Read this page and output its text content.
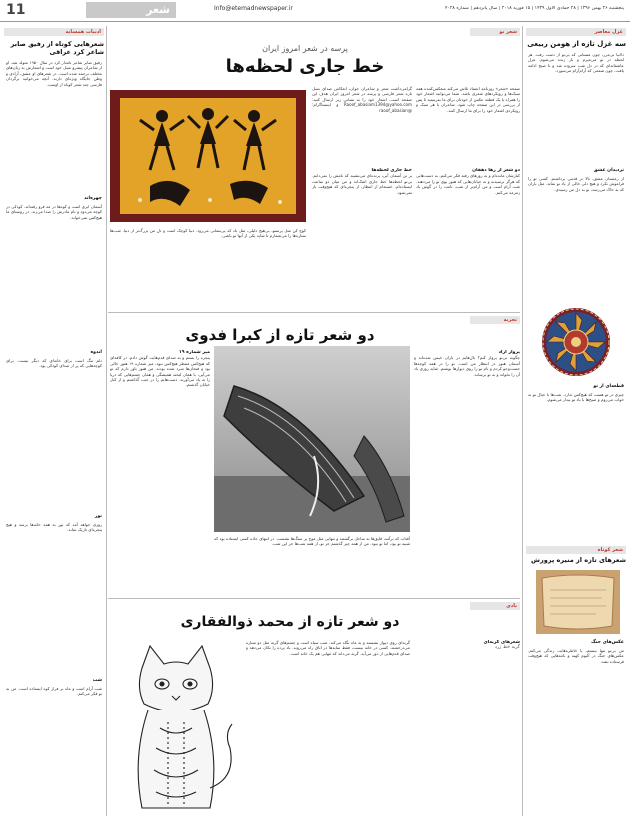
11	شعر	Info@etemadnewspaper.ir	پنجشنبه ۲۶ بهمن ۱۳۹۶ | ۲۸ جمادی الاول ۱۴۳۹ | ۱۵ فوریه ۲۰۱۸ | سال پانزدهم | شماره ۴۰۲۸
غزل معاصر
سه غزل تازه از هومن ربیعی
دلانیا بی‌مرز، چون مستانی که بی‌تو از دست رفت. هر لحظه در تو می‌میرم و باز زنده می‌شوم. غزل عاشقانه‌ای که در دل شب سروده شد و تا صبح ادامه یافت، چون شمعی که آرام‌آرام می‌سوزد.
تردیدان عشق
از زمستان عشق، بالا تر قدمی برداشتم. کسی تو را فراموش نکرد و هیچ دلی خالی از یاد تو نماند. مثل باران که به خاک می‌رسد، تو به دل من رسیدی.
قطعه‌ای از تو
چیزی در تو هست که هیچ‌کس ندارد. شب‌ها با خیال تو به خواب می‌روم و صبح‌ها با یاد تو بیدار می‌شوم.
شعر کوتاه
شعرهای تازه از منیره پرورش
عکس‌های جنگ
من بی‌تو تنها نیستم، با خاطره‌هایت زندگی می‌کنم. عکس‌های جنگ در آلبوم کهنه و نامه‌هایی که هیچ‌وقت فرستاده نشد.
ادبیات همسایه
شعرهایی کوتاه از رفیق صابر شاعر کرد عراقی
رفیق صابر شاعر نامدار کرد در سال ۱۹۵۰ متولد شد. او از شاعران پیشرو نسل خود است و اشعارش به زبان‌های مختلف ترجمه شده است. در شعرهای او عشق، آزادی و وطن جایگاه ویژه‌ای دارند. آنچه می‌خوانید برگردان فارسی چند شعر کوتاه از اوست.
چهره‌اند
آسمان ابری است و کوه‌ها در مه فرو رفته‌اند. کودکی در کوچه می‌دود و نام مادرش را صدا می‌زند. در روستای ما هیچ‌کس نمی‌خوابد.
اندوه
دلم تنگ است برای خانه‌ای که دیگر نیست. برای کوچه‌هایی که پر از صدای کودکی بود.
نور
روزی خواهد آمد که نور به همه خانه‌ها برسد و هیچ پنجره‌ای تاریک نماند.
شب
شب آرام است و ماه بر فراز کوه ایستاده است. من به تو فکر می‌کنم.
شعر نو
پرسه در شعر امروز ایران
خط جاری لحظه‌ها
صفحه «شعر» روزنامه اعتماد تلاش می‌کند منعکس‌کننده همه سبک‌ها و رویکردهای شعری باشد. شما می‌توانید اشعار خود را همراه با یک قطعه عکس از خودتان برای ما بفرستید تا پس از بررسی در این صفحه چاپ شود. شاعران با هر سبک و رویکردی اشعار خود را برای ما ارسال کنند.
گرامی‌داشت شعر و شاعران جوان، انعکاس صدای نسل تازه شعر فارسی و پرسه در شعر امروز ایران هدف این صفحه است. اشعار خود را به نشانی زیر ارسال کنید: Raoof_abasiam1394@yahoo.com و اینستاگرام: @raoof_abasian
دو شعر از رها دهقان
کنارشان مانده‌ام و به روزهای رفته فکر می‌کنم، به دست‌هایی که هرگز نرسیدند و به خیابان‌هایی که هنوز بوی تو را می‌دهند. شب آرام است و من آرام‌تر از شب، نامت را در گوش باد زمزمه می‌کنم.
خط جاری لحظه‌ها
بر تن آسمان آبی، پرنده‌ای می‌نشیند که نامش را نمی‌دانم. بی‌تو لحظه‌ها خط جاری اشک‌اند و من میان دو ساعت ایستاده‌ام. خسته‌ام از انتظار، از پنجره‌ای که هیچ‌وقت باز نمی‌شود.
کوچ کن مثل پرستو، بی‌هیچ دلیلی، مثل باد که بی‌نشانی می‌رود. دنیا کوچک است و دل من بزرگ‌تر از دنیا. شب‌ها ستاره‌ها را می‌شمارم تا شاید یکی از آنها تو باشی.
تجربه
دو شعر تازه از کبرا فدوی
میز شماره ۱۹
پنجره را بستم و به صدای قدم‌هایت گوش دادم. در کافه‌ای که هیچ‌کس منتظر هیچ‌کس نبود، میز شماره ۱۹ هنوز خالی بود و فنجان‌ها سرد شده بودند. من هنوز باور دارم که تو می‌آیی، با همان لبخند همیشگی و همان چشم‌هایی که دریا را به یاد می‌آورند. دست‌هایم را در جیب گذاشتم و از کنار خیابان گذشتم.
آفتاب که برآمد، قایق‌ها به ساحل برگشتند و تنهایی مثل موج بر سنگ‌ها نشست. در انتهای جاده کسی ایستاده بود که شبیه تو بود، اما تو نبود. من از همه چیز گذشتم جز تو، از همه شب‌ها جز این شب.
پرواز آزاد
چگونه بی‌تو پرواز کنم؟ بال‌هایم در باران خیس شده‌اند و آسمان هنوز در انتظار من است. تو را در همه کوچه‌ها جست‌وجو کردم و نام تو را روی دیوارها نوشتم. شاید روزی باد آن را بخواند و به تو برساند.
یادی
دو شعر تازه از محمد ذوالفقاری
گربه‌ای روی دیوار نشسته و به ماه نگاه می‌کند. شب سیاه است و چشم‌های گربه مثل دو ستاره می‌درخشند. کسی در خانه نیست، فقط سایه‌ها در اتاق راه می‌روند. باد پرده را تکان می‌دهد و صدای قدم‌هایی از دور می‌آید. گربه می‌داند که تنهایی هم یک خانه است.
شعرهای گربه‌ای
گربه خط زرد
